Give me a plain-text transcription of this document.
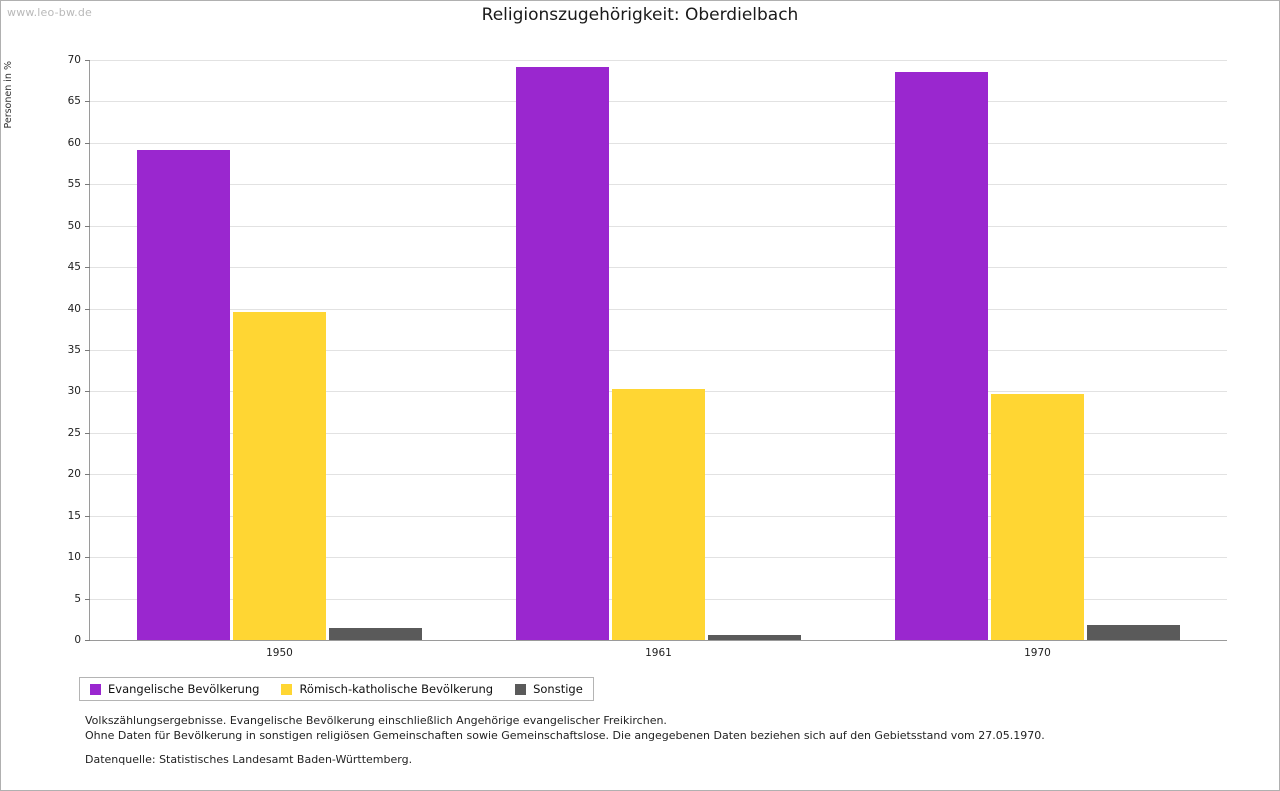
www.leo-bw.de	Religionszugehörigkeit: Oberdielbach
Personen in %
0
5
10
15
20
25
30
35
40
45
50
55
60
65
70
1950	1961	1970
Evangelische Bevölkerung	Römisch-katholische Bevölkerung	Sonstige
Volkszählungsergebnisse. Evangelische Bevölkerung einschließlich Angehörige evangelischer Freikirchen.
Ohne Daten für Bevölkerung in sonstigen religiösen Gemeinschaften sowie Gemeinschaftslose. Die angegebenen Daten beziehen sich auf den Gebietsstand vom 27.05.1970.
Datenquelle: Statistisches Landesamt Baden-Württemberg.
